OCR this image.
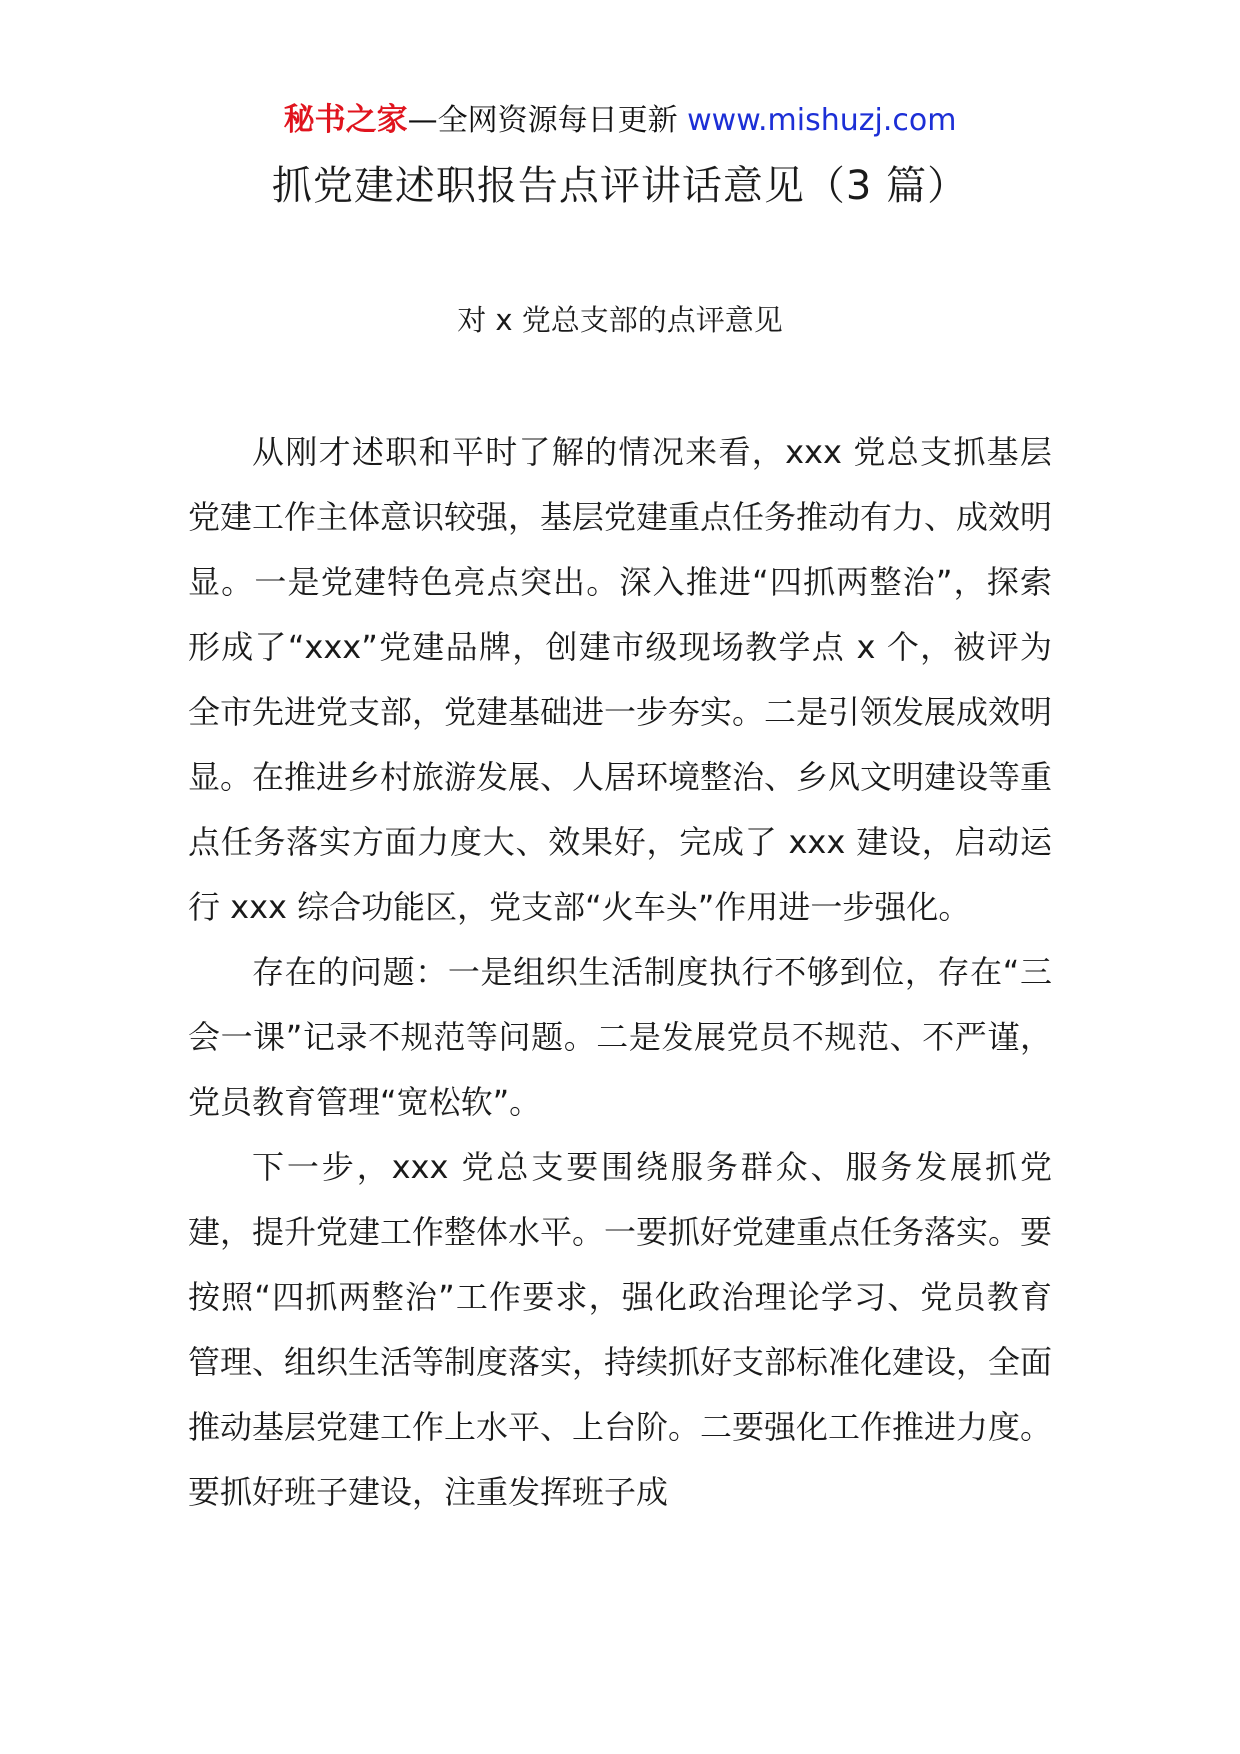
秘书之家—全网资源每日更新 www.mishuzj.com
抓党建述职报告点评讲话意见（3 篇）

对 x 党总支部的点评意见

从刚才述职和平时了解的情况来看，xxx 党总支抓基层党建工作主体意识较强，基层党建重点任务推动有力、成效明显。一是党建特色亮点突出。深入推进“四抓两整治”，探索形成了“xxx”党建品牌，创建市级现场教学点 x 个，被评为全市先进党支部，党建基础进一步夯实。二是引领发展成效明显。在推进乡村旅游发展、人居环境整治、乡风文明建设等重点任务落实方面力度大、效果好，完成了 xxx 建设，启动运行 xxx 综合功能区，党支部“火车头”作用进一步强化。

存在的问题：一是组织生活制度执行不够到位，存在“三会一课”记录不规范等问题。二是发展党员不规范、不严谨，党员教育管理“宽松软”。

下一步，xxx 党总支要围绕服务群众、服务发展抓党建，提升党建工作整体水平。一要抓好党建重点任务落实。要按照“四抓两整治”工作要求，强化政治理论学习、党员教育管理、组织生活等制度落实，持续抓好支部标准化建设，全面推动基层党建工作上水平、上台阶。二要强化工作推进力度。要抓好班子建设，注重发挥班子成
